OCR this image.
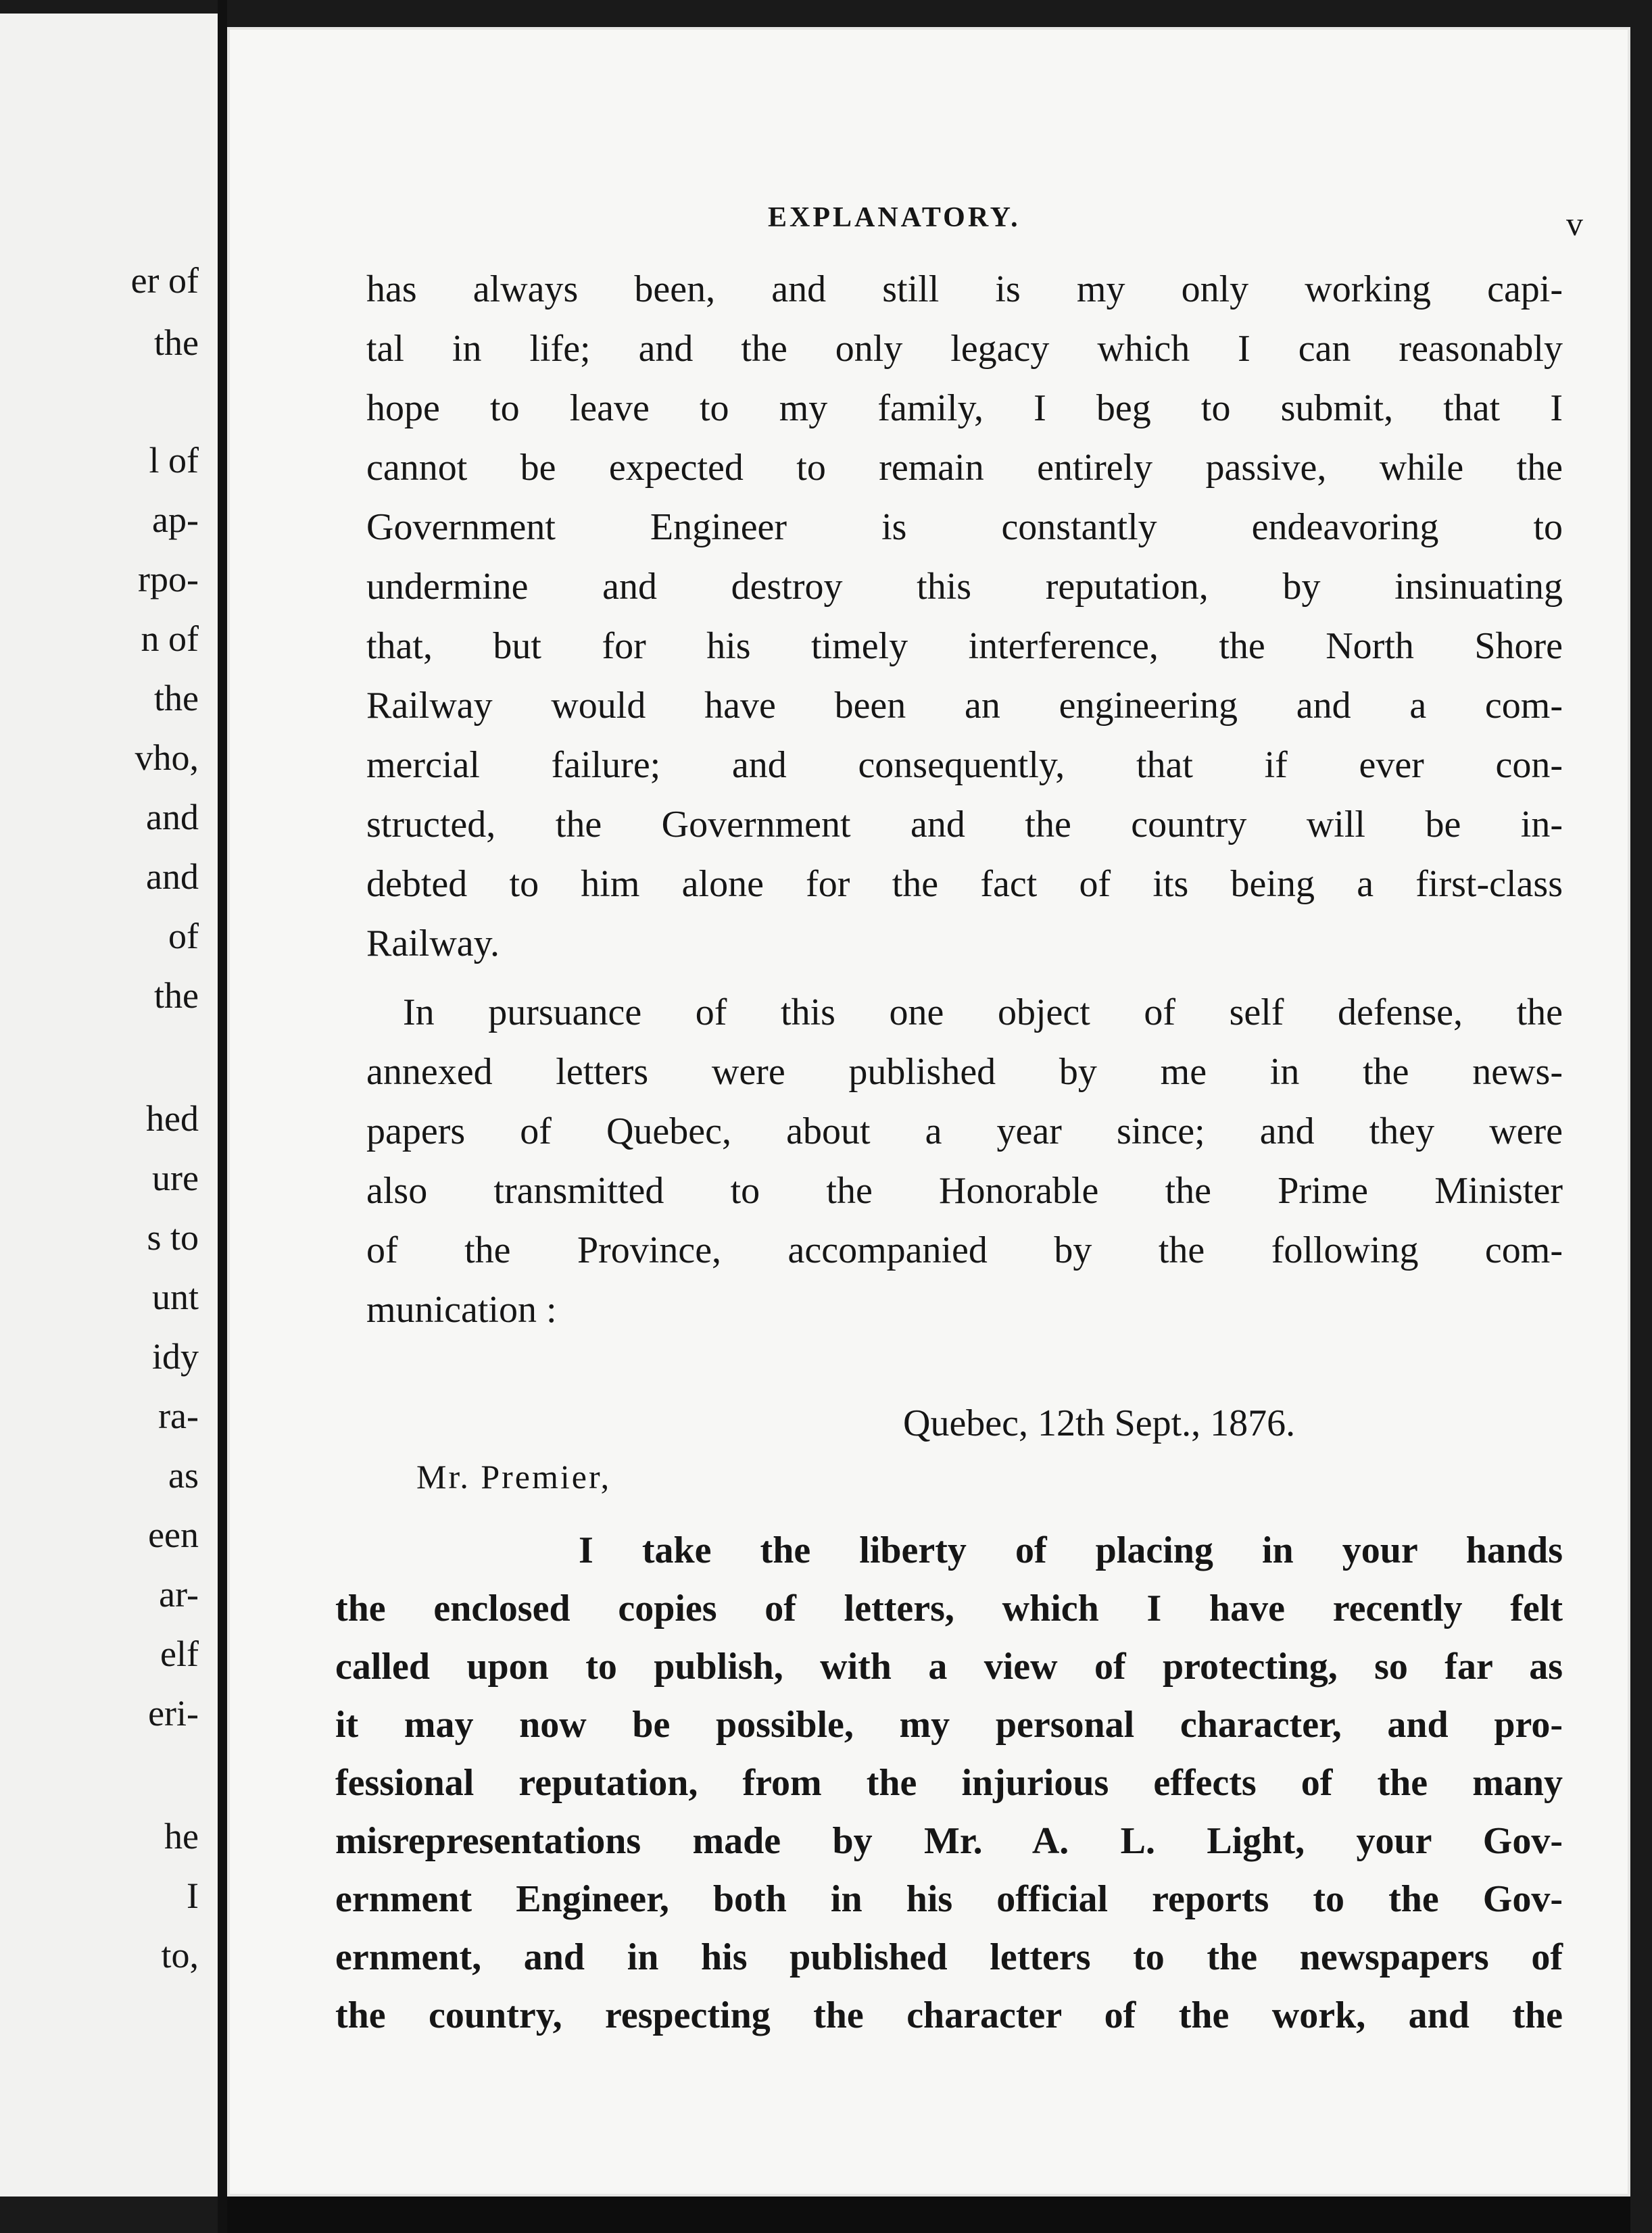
er of
the
l of
ap-
rpo-
n of
the
vho,
and
and
of
the
hed
ure
s to
unt
idy
ra-
as
een
ar-
elf
eri-
he
I
to,
EXPLANATORY.	v
has always been, and still is my only working capi-
tal in life; and the only legacy which I can reasonably
hope to leave to my family, I beg to submit, that I
cannot be expected to remain entirely passive, while the
Government Engineer is constantly endeavoring to
undermine and destroy this reputation, by insinuating
that, but for his timely interference, the North Shore
Railway would have been an engineering and a com-
mercial failure; and consequently, that if ever con-
structed, the Government and the country will be in-
debted to him alone for the fact of its being a first-class
Railway.
In pursuance of this one object of self defense, the
annexed letters were published by me in the news-
papers of Quebec, about a year since; and they were
also transmitted to the Honorable the Prime Minister
of the Province, accompanied by the following com-
munication :
Quebec, 12th Sept., 1876.
Mr. Premier,
I take the liberty of placing in your hands
the enclosed copies of letters, which I have recently felt
called upon to publish, with a view of protecting, so far as
it may now be possible, my personal character, and pro-
fessional reputation, from the injurious effects of the many
misrepresentations made by Mr. A. L. Light, your Gov-
ernment Engineer, both in his official reports to the Gov-
ernment, and in his published letters to the newspapers of
the country, respecting the character of the work, and the
